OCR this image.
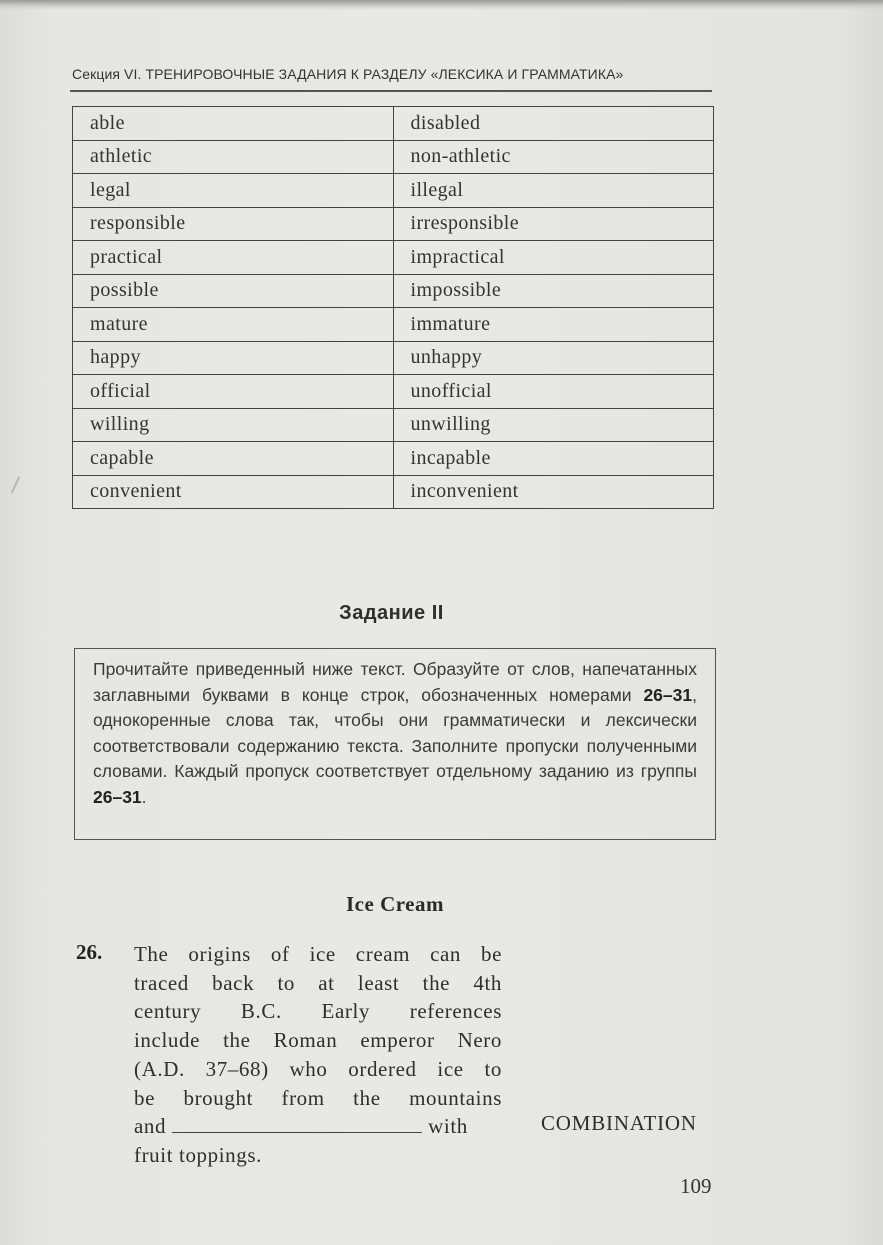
Секция VI. ТРЕНИРОВОЧНЫЕ ЗАДАНИЯ К РАЗДЕЛУ «ЛЕКСИКА И ГРАММАТИКА»
able	disabled
athletic	non-athletic
legal	illegal
responsible	irresponsible
practical	impractical
possible	impossible
mature	immature
happy	unhappy
official	unofficial
willing	unwilling
capable	incapable
convenient	inconvenient
Задание II
Прочитайте приведенный ниже текст. Образуйте от слов, напечатанных заглавными буквами в конце строк, обозначенных номерами 26–31, однокоренные слова так, чтобы они грамматически и лексически соответствовали содержанию текста. Заполните пропуски полученными словами. Каждый пропуск соответствует отдельному заданию из группы 26–31.
Ice Cream
26. The origins of ice cream can be
traced back to at least the 4th
century B.C. Early references
include the Roman emperor Nero
(A.D. 37–68) who ordered ice to
be brought from the mountains
and	with
fruit toppings.
COMBINATION
109
